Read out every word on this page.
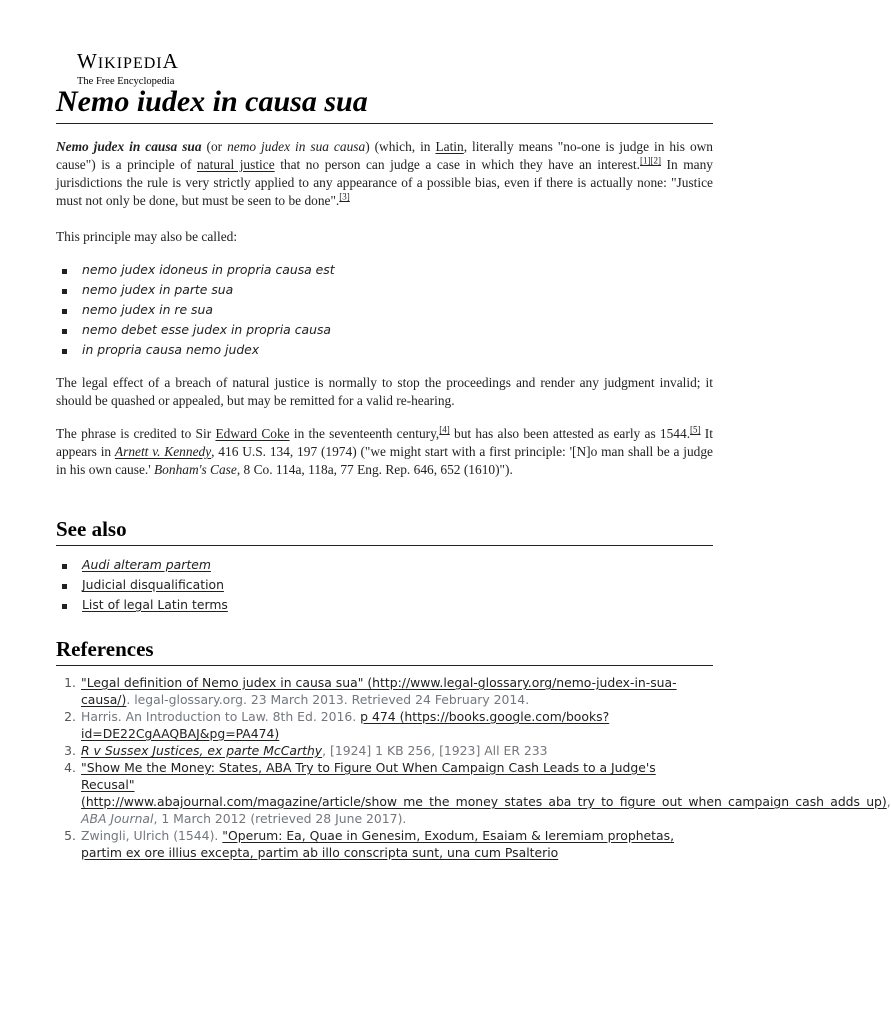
WIKIPEDIA
The Free Encyclopedia
Nemo iudex in causa sua

Nemo judex in causa sua (or nemo judex in sua causa) (which, in Latin, literally means "no-one is judge in his own cause") is a principle of natural justice that no person can judge a case in which they have an interest.[1][2] In many jurisdictions the rule is very strictly applied to any appearance of a possible bias, even if there is actually none: "Justice must not only be done, but must be seen to be done".[3]

This principle may also be called:

nemo judex idoneus in propria causa est
nemo judex in parte sua
nemo judex in re sua
nemo debet esse judex in propria causa
in propria causa nemo judex

The legal effect of a breach of natural justice is normally to stop the proceedings and render any judgment invalid; it should be quashed or appealed, but may be remitted for a valid re-hearing.

The phrase is credited to Sir Edward Coke in the seventeenth century,[4] but has also been attested as early as 1544.[5] It appears in Arnett v. Kennedy, 416 U.S. 134, 197 (1974) ("we might start with a first principle: '[N]o man shall be a judge in his own cause.' Bonham's Case, 8 Co. 114a, 118a, 77 Eng. Rep. 646, 652 (1610)").

See also
Audi alteram partem
Judicial disqualification
List of legal Latin terms
References
1. "Legal definition of Nemo judex in causa sua" (http://www.legal-glossary.org/nemo-judex-in-sua-causa/). legal-glossary.org. 23 March 2013. Retrieved 24 February 2014.
2. Harris. An Introduction to Law. 8th Ed. 2016. p 474 (https://books.google.com/books?id=DE22CgAAQBAJ&pg=PA474)
3. R v Sussex Justices, ex parte McCarthy, [1924] 1 KB 256, [1923] All ER 233
4. "Show Me the Money: States, ABA Try to Figure Out When Campaign Cash Leads to a Judge's Recusal" (http://www.abajournal.com/magazine/article/show_me_the_money_states_aba_try_to_figure_out_when_campaign_cash_adds_up), ABA Journal, 1 March 2012 (retrieved 28 June 2017).
5. Zwingli, Ulrich (1544). "Operum: Ea, Quae in Genesim, Exodum, Esaiam & Ieremiam prophetas, partim ex ore illius excepta, partim ab illo conscripta sunt, una cum Psalterio
